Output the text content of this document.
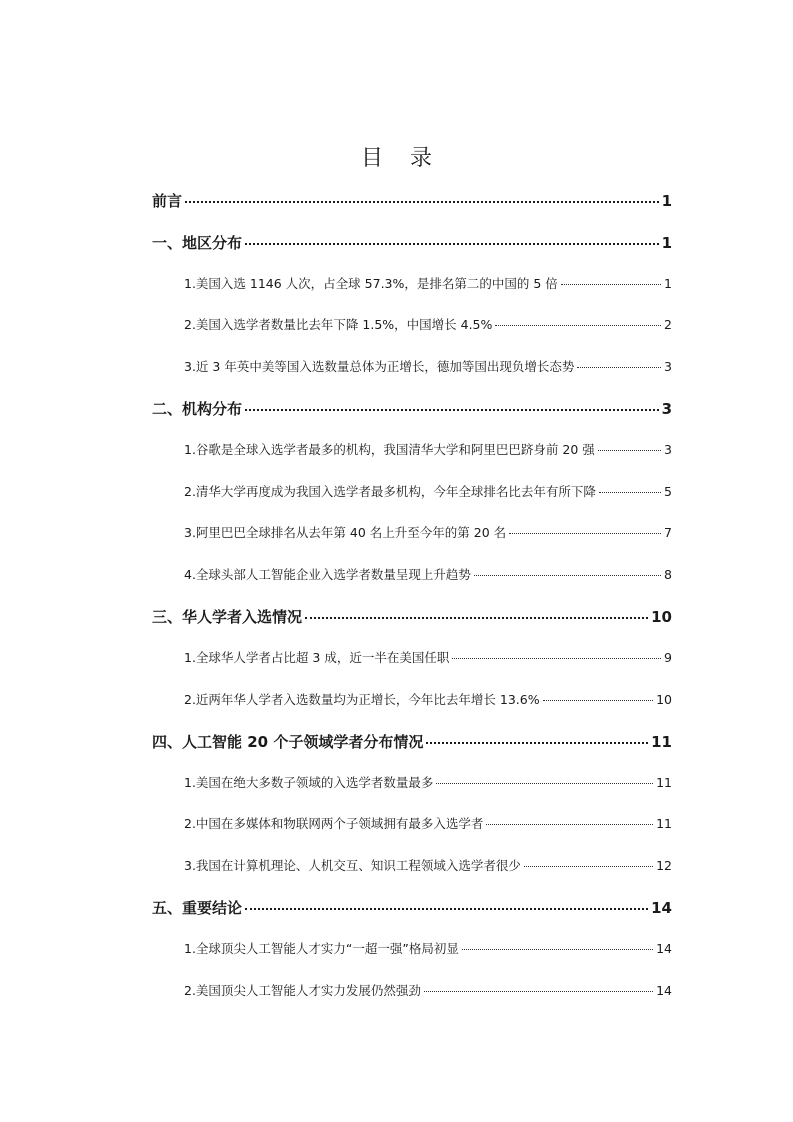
目 录
前言	1
一、地区分布	1
1.美国入选 1146 人次，占全球 57.3%，是排名第二的中国的 5 倍	1
2.美国入选学者数量比去年下降 1.5%，中国增长 4.5%	2
3.近 3 年英中美等国入选数量总体为正增长，德加等国出现负增长态势	3
二、机构分布	3
1.谷歌是全球入选学者最多的机构，我国清华大学和阿里巴巴跻身前 20 强	3
2.清华大学再度成为我国入选学者最多机构，今年全球排名比去年有所下降	5
3.阿里巴巴全球排名从去年第 40 名上升至今年的第 20 名	7
4.全球头部人工智能企业入选学者数量呈现上升趋势	8
三、华人学者入选情况	10
1.全球华人学者占比超 3 成，近一半在美国任职	9
2.近两年华人学者入选数量均为正增长，今年比去年增长 13.6%	10
四、人工智能 20 个子领域学者分布情况	11
1.美国在绝大多数子领域的入选学者数量最多	11
2.中国在多媒体和物联网两个子领域拥有最多入选学者	11
3.我国在计算机理论、人机交互、知识工程领域入选学者很少	12
五、重要结论	14
1.全球顶尖人工智能人才实力“一超一强”格局初显	14
2.美国顶尖人工智能人才实力发展仍然强劲	14
